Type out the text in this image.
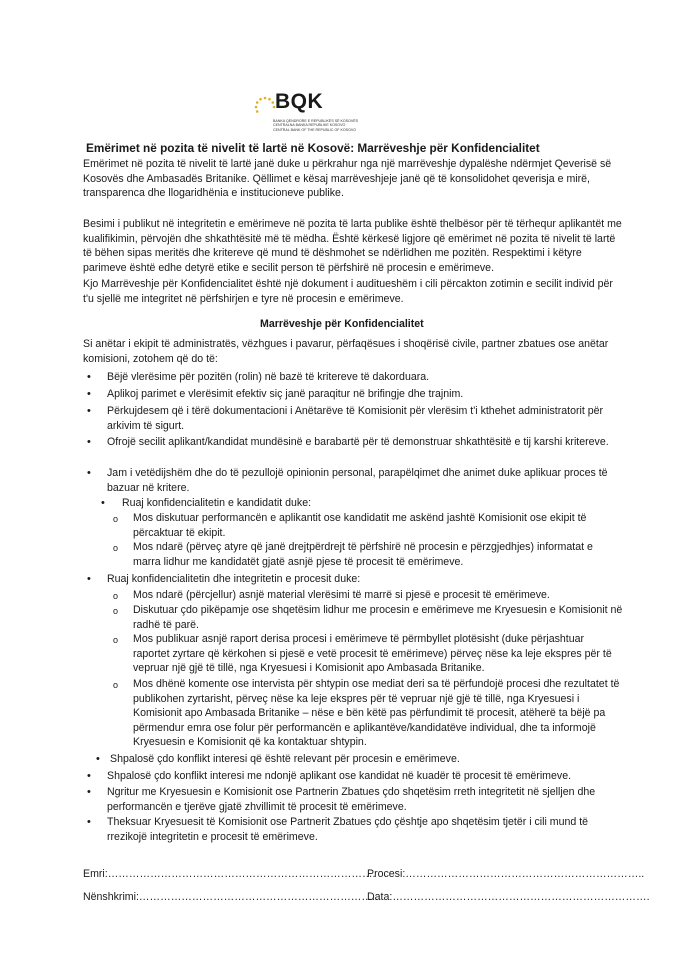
BQK
BANKA QENDRORE E REPUBLIKËS SË KOSOVËS
CENTRALNA BANKA REPUBLIKE KOSOVO
CENTRAL BANK OF THE REPUBLIC OF KOSOVO
Emërimet në pozita të nivelit të lartë në Kosovë: Marrëveshje për Konfidencialitet

Emërimet në pozita të nivelit të lartë janë duke u përkrahur nga një marrëveshje dypalëshe ndërmjet Qeverisë së Kosovës dhe Ambasadës Britanike. Qëllimet e kësaj marrëveshjeje janë që të konsolidohet qeverisja e mirë, transparenca dhe llogaridhënia e institucioneve publike.

Besimi i publikut në integritetin e emërimeve në pozita të larta publike është thelbësor për të tërhequr aplikantët me kualifikimin, përvojën dhe shkathtësitë më të mëdha. Është kërkesë ligjore që emërimet në pozita të nivelit të lartë të bëhen sipas meritës dhe kritereve që mund të dëshmohet se ndërlidhen me pozitën. Respektimi i këtyre parimeve është edhe detyrë etike e secilit person të përfshirë në procesin e emërimeve.

Kjo Marrëveshje për Konfidencialitet është një dokument i auditueshëm i cili përcakton zotimin e secilit individ për t'u sjellë me integritet në përfshirjen e tyre në procesin e emërimeve.

Marrëveshje për Konfidencialitet

Si anëtar i ekipit të administratës, vëzhgues i pavarur, përfaqësues i shoqërisë civile, partner zbatues ose anëtar komisioni, zotohem që do të:

• Bëjë vlerësime për pozitën (rolin) në bazë të kritereve të dakorduara.

• Aplikoj parimet e vlerësimit efektiv siç janë paraqitur në brifingje dhe trajnim.

• Përkujdesem që i tërë dokumentacioni i Anëtarëve të Komisionit për vlerësim t'i kthehet administratorit për arkivim të sigurt.

• Ofrojë secilit aplikant/kandidat mundësinë e barabartë për të demonstruar shkathtësitë e tij karshi kritereve.

• Jam i vetëdijshëm dhe do të pezullojë opinionin personal, parapëlqimet dhe animet duke aplikuar proces të bazuar në kritere.

• Ruaj konfidencialitetin e kandidatit duke:

o Mos diskutuar performancën e aplikantit ose kandidatit me askënd jashtë Komisionit ose ekipit të përcaktuar të ekipit.

o Mos ndarë (përveç atyre që janë drejtpërdrejt të përfshirë në procesin e përzgjedhjes) informatat e marra lidhur me kandidatët gjatë asnjë pjese të procesit të emërimeve.

• Ruaj konfidencialitetin dhe integritetin e procesit duke:

o Mos ndarë (përcjellur) asnjë material vlerësimi të marrë si pjesë e procesit të emërimeve.

o Diskutuar çdo pikëpamje ose shqetësim lidhur me procesin e emërimeve me Kryesuesin e Komisionit në radhë të parë.

o Mos publikuar asnjë raport derisa procesi i emërimeve të përmbyllet plotësisht (duke përjashtuar raportet zyrtare që kërkohen si pjesë e vetë procesit të emërimeve) përveç nëse ka leje ekspres për të vepruar një gjë të tillë, nga Kryesuesi i Komisionit apo Ambasada Britanike.

o Mos dhënë komente ose intervista për shtypin ose mediat deri sa të përfundojë procesi dhe rezultatet të publikohen zyrtarisht, përveç nëse ka leje ekspres për të vepruar një gjë të tillë, nga Kryesuesi i Komisionit apo Ambasada Britanike – nëse e bën këtë pas përfundimit të procesit, atëherë ta bëjë pa përmendur emra ose folur për performancën e aplikantëve/kandidatëve individual, dhe ta informojë Kryesuesin e Komisionit që ka kontaktuar shtypin.

• Shpalosë çdo konflikt interesi që është relevant për procesin e emërimeve.

• Shpalosë çdo konflikt interesi me ndonjë aplikant ose kandidat në kuadër të procesit të emërimeve.

• Ngritur me Kryesuesin e Komisionit ose Partnerin Zbatues çdo shqetësim rreth integritetit në sjelljen dhe performancën e tjerëve gjatë zhvillimit të procesit të emërimeve.

• Theksuar Kryesuesit të Komisionit ose Partnerit Zbatues çdo çështje apo shqetësim tjetër i cili mund të rrezikojë integritetin e procesit të emërimeve.

Emri:………………………………………………………………….
Procesi:…………………………………………………………..
Nënshkrimi:…………………………………………………………..
Data:……………………………………………………………….
